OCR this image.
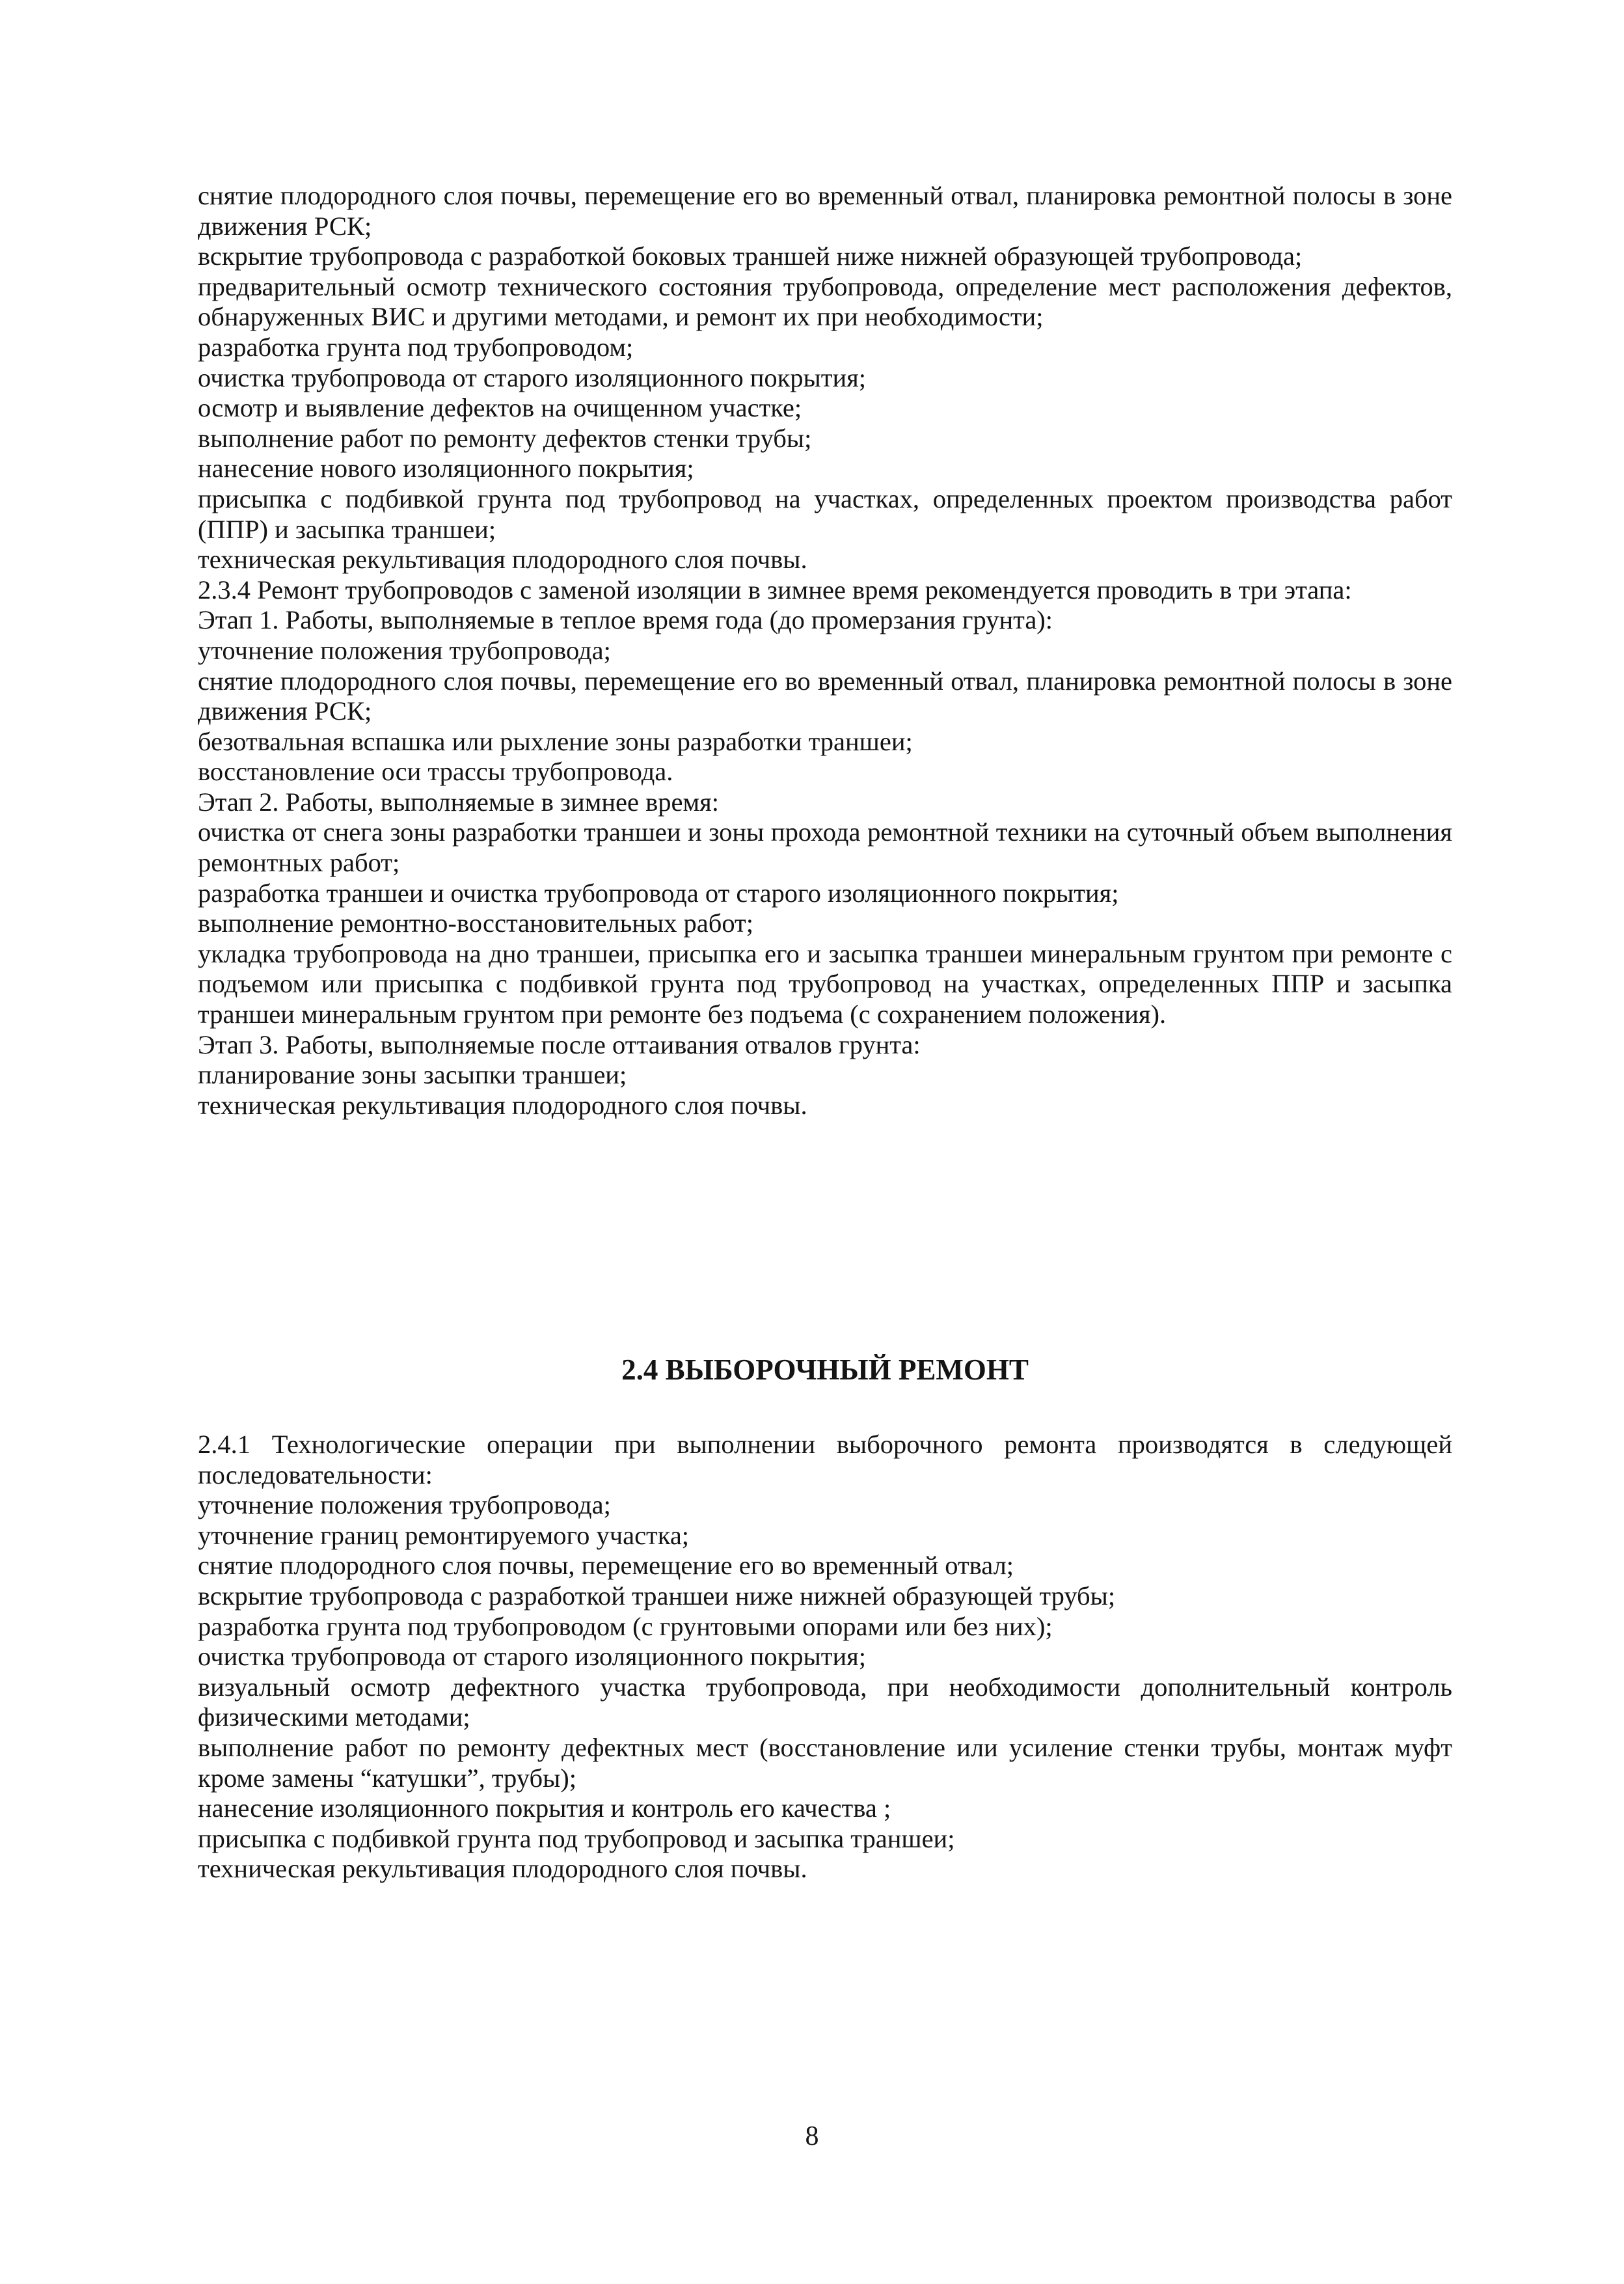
снятие плодородного слоя почвы, перемещение его во временный отвал, планировка ремонтной полосы в зоне движения РСК;

вскрытие трубопровода с разработкой боковых траншей ниже нижней образующей трубопровода;

предварительный осмотр технического состояния трубопровода, определение мест расположения дефектов, обнаруженных ВИС и другими методами, и ремонт их при необходимости;

разработка грунта под трубопроводом;

очистка трубопровода от старого изоляционного покрытия;

осмотр и выявление дефектов на очищенном участке;

выполнение работ по ремонту дефектов стенки трубы;

нанесение нового изоляционного покрытия;

присыпка с подбивкой грунта под трубопровод на участках, определенных проектом производства работ (ППР) и засыпка траншеи;

техническая рекультивация плодородного слоя почвы.

2.3.4 Ремонт трубопроводов с заменой изоляции в зимнее время рекомендуется проводить в три этапа:

Этап 1. Работы, выполняемые в теплое время года (до промерзания грунта):

уточнение положения трубопровода;

снятие плодородного слоя почвы, перемещение его во временный отвал, планировка ремонтной полосы в зоне движения РСК;

безотвальная вспашка или рыхление зоны разработки траншеи;

восстановление оси трассы трубопровода.

Этап 2. Работы, выполняемые в зимнее время:

очистка от снега зоны разработки траншеи и зоны прохода ремонтной техники на суточный объем выполнения ремонтных работ;

разработка траншеи и очистка трубопровода от старого изоляционного покрытия;

выполнение ремонтно-восстановительных работ;

укладка трубопровода на дно траншеи, присыпка его и засыпка траншеи минеральным грунтом при ремонте с подъемом или присыпка с подбивкой грунта под трубопровод на участках, определенных ППР и засыпка траншеи минеральным грунтом при ремонте без подъема (с сохранением положения).

Этап 3. Работы, выполняемые после оттаивания отвалов грунта:

планирование зоны засыпки траншеи;

техническая рекультивация плодородного слоя почвы.

2.4 ВЫБОРОЧНЫЙ РЕМОНТ

2.4.1 Технологические операции при выполнении выборочного ремонта производятся в следующей последовательности:

уточнение положения трубопровода;

уточнение границ ремонтируемого участка;

снятие плодородного слоя почвы, перемещение его во временный отвал;

вскрытие трубопровода с разработкой траншеи ниже нижней образующей трубы;

разработка грунта под трубопроводом (с грунтовыми опорами или без них);

очистка трубопровода от старого изоляционного покрытия;

визуальный осмотр дефектного участка трубопровода, при необходимости дополнительный контроль физическими методами;

выполнение работ по ремонту дефектных мест (восстановление или усиление стенки трубы, монтаж муфт кроме замены “катушки”, трубы);

нанесение изоляционного покрытия и контроль его качества ;

присыпка с подбивкой грунта под трубопровод и засыпка траншеи;

техническая рекультивация плодородного слоя почвы.

8
